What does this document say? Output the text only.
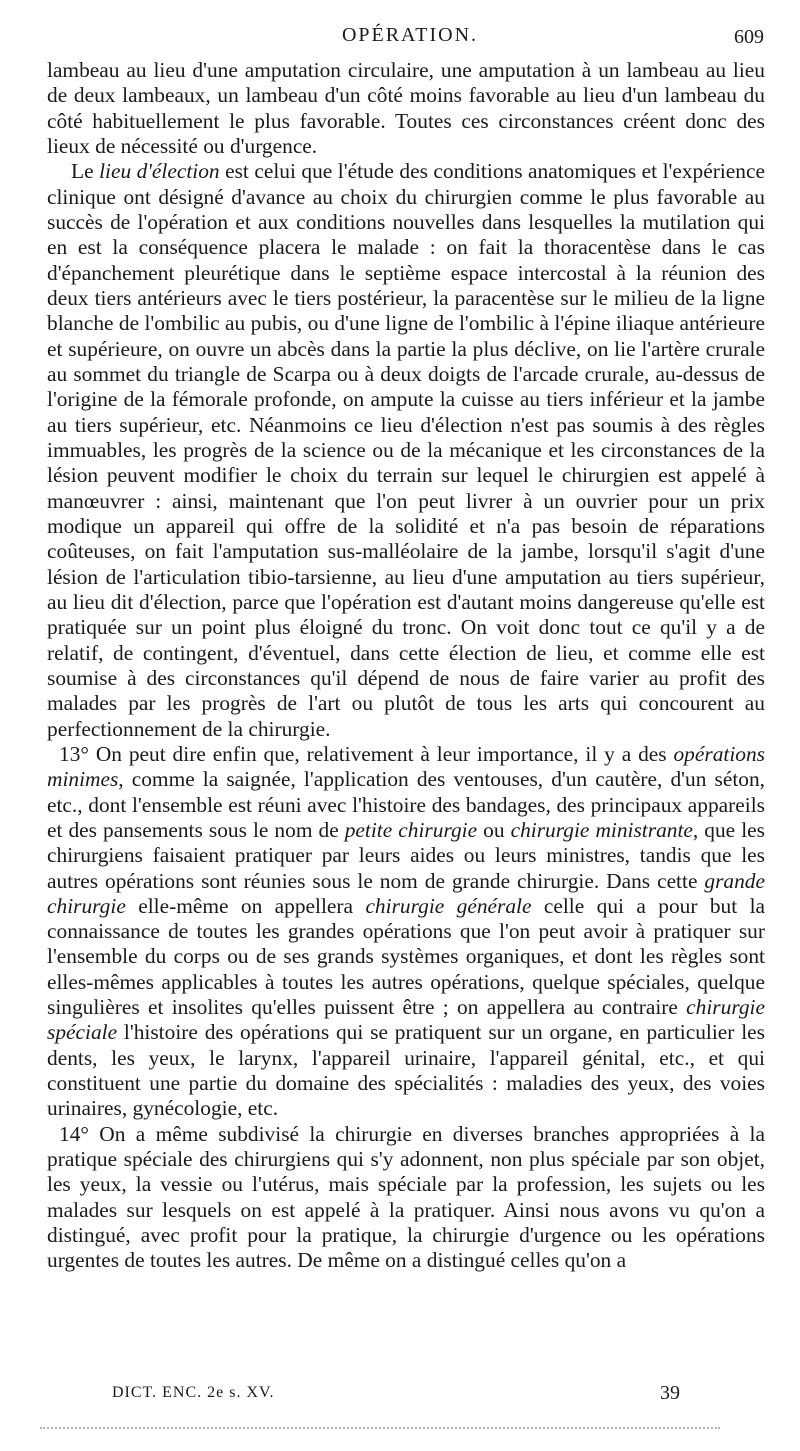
OPÉRATION.	609

lambeau au lieu d'une amputation circulaire, une amputation à un lambeau au lieu de deux lambeaux, un lambeau d'un côté moins favorable au lieu d'un lambeau du côté habituellement le plus favorable. Toutes ces circonstances créent donc des lieux de nécessité ou d'urgence.

Le lieu d'élection est celui que l'étude des conditions anatomiques et l'expérience clinique ont désigné d'avance au choix du chirurgien comme le plus favorable au succès de l'opération et aux conditions nouvelles dans lesquelles la mutilation qui en est la conséquence placera le malade : on fait la thoracentèse dans le cas d'épanchement pleurétique dans le septième espace intercostal à la réunion des deux tiers antérieurs avec le tiers postérieur, la paracentèse sur le milieu de la ligne blanche de l'ombilic au pubis, ou d'une ligne de l'ombilic à l'épine iliaque antérieure et supérieure, on ouvre un abcès dans la partie la plus déclive, on lie l'artère crurale au sommet du triangle de Scarpa ou à deux doigts de l'arcade crurale, au-dessus de l'origine de la fémorale profonde, on ampute la cuisse au tiers inférieur et la jambe au tiers supérieur, etc. Néanmoins ce lieu d'élection n'est pas soumis à des règles immuables, les progrès de la science ou de la mécanique et les circonstances de la lésion peuvent modifier le choix du terrain sur lequel le chirurgien est appelé à manœuvrer : ainsi, maintenant que l'on peut livrer à un ouvrier pour un prix modique un appareil qui offre de la solidité et n'a pas besoin de réparations coûteuses, on fait l'amputation sus-malléolaire de la jambe, lorsqu'il s'agit d'une lésion de l'articulation tibio-tarsienne, au lieu d'une amputation au tiers supérieur, au lieu dit d'élection, parce que l'opération est d'autant moins dangereuse qu'elle est pratiquée sur un point plus éloigné du tronc. On voit donc tout ce qu'il y a de relatif, de contingent, d'éventuel, dans cette élection de lieu, et comme elle est soumise à des circonstances qu'il dépend de nous de faire varier au profit des malades par les progrès de l'art ou plutôt de tous les arts qui concourent au perfectionnement de la chirurgie.

13° On peut dire enfin que, relativement à leur importance, il y a des opérations minimes, comme la saignée, l'application des ventouses, d'un cautère, d'un séton, etc., dont l'ensemble est réuni avec l'histoire des bandages, des principaux appareils et des pansements sous le nom de petite chirurgie ou chirurgie ministrante, que les chirurgiens faisaient pratiquer par leurs aides ou leurs ministres, tandis que les autres opérations sont réunies sous le nom de grande chirurgie. Dans cette grande chirurgie elle-même on appellera chirurgie générale celle qui a pour but la connaissance de toutes les grandes opérations que l'on peut avoir à pratiquer sur l'ensemble du corps ou de ses grands systèmes organiques, et dont les règles sont elles-mêmes applicables à toutes les autres opérations, quelque spéciales, quelque singulières et insolites qu'elles puissent être ; on appellera au contraire chirurgie spéciale l'histoire des opérations qui se pratiquent sur un organe, en particulier les dents, les yeux, le larynx, l'appareil urinaire, l'appareil génital, etc., et qui constituent une partie du domaine des spécialités : maladies des yeux, des voies urinaires, gynécologie, etc.

14° On a même subdivisé la chirurgie en diverses branches appropriées à la pratique spéciale des chirurgiens qui s'y adonnent, non plus spéciale par son objet, les yeux, la vessie ou l'utérus, mais spéciale par la profession, les sujets ou les malades sur lesquels on est appelé à la pratiquer. Ainsi nous avons vu qu'on a distingué, avec profit pour la pratique, la chirurgie d'urgence ou les opérations urgentes de toutes les autres. De même on a distingué celles qu'on a

DICT. ENC. 2e s. XV.	39
